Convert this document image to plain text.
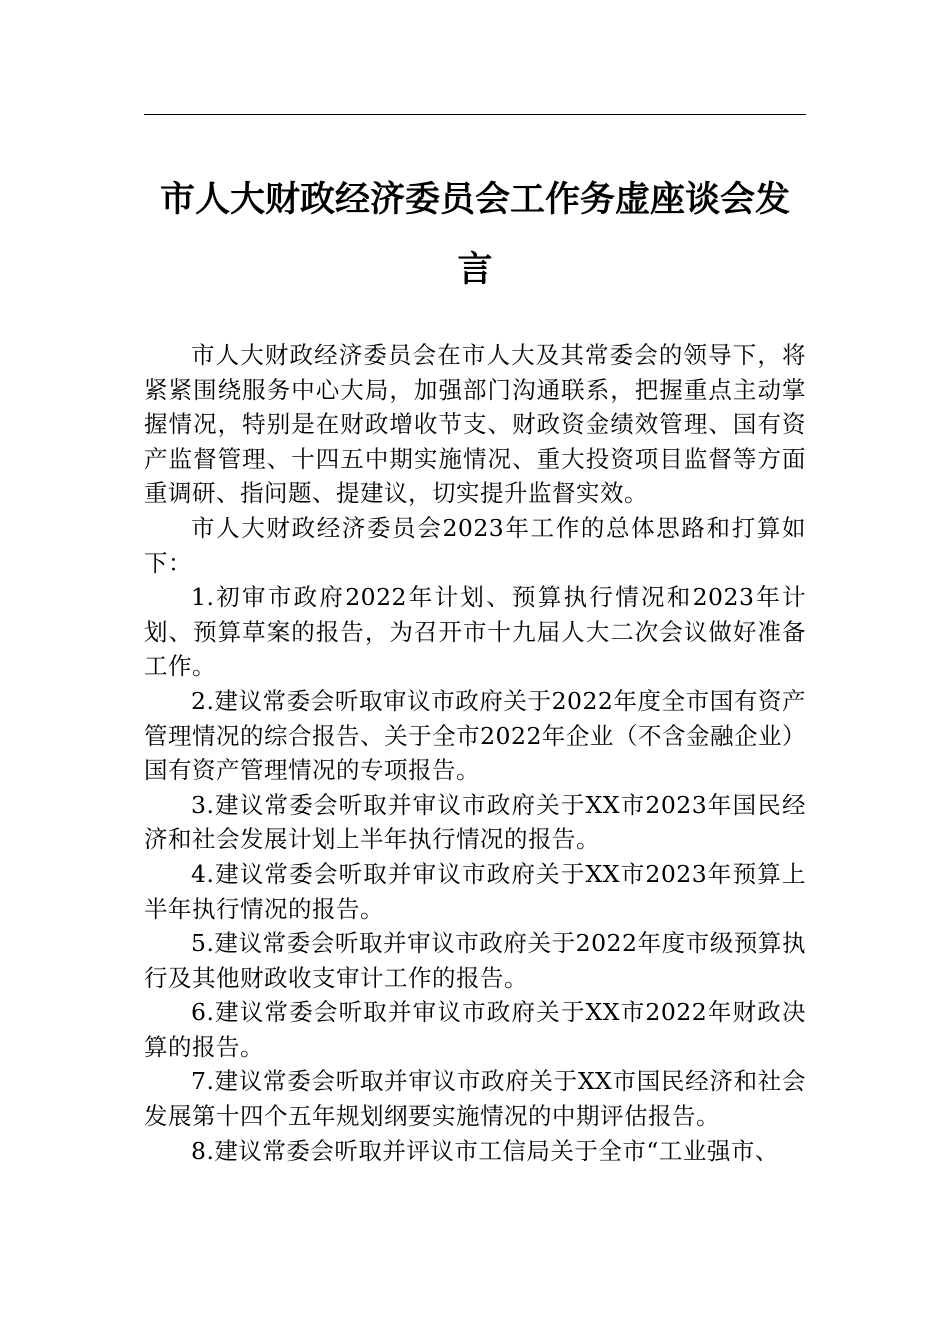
市人大财政经济委员会工作务虚座谈会发言

市人大财政经济委员会在市人大及其常委会的领导下，将紧紧围绕服务中心大局，加强部门沟通联系，把握重点主动掌握情况，特别是在财政增收节支、财政资金绩效管理、国有资产监督管理、十四五中期实施情况、重大投资项目监督等方面重调研、指问题、提建议，切实提升监督实效。

市人大财政经济委员会2023年工作的总体思路和打算如下：

1.初审市政府2022年计划、预算执行情况和2023年计划、预算草案的报告，为召开市十九届人大二次会议做好准备工作。

2.建议常委会听取审议市政府关于2022年度全市国有资产管理情况的综合报告、关于全市2022年企业（不含金融企业）国有资产管理情况的专项报告。

3.建议常委会听取并审议市政府关于XX市2023年国民经济和社会发展计划上半年执行情况的报告。

4.建议常委会听取并审议市政府关于XX市2023年预算上半年执行情况的报告。

5.建议常委会听取并审议市政府关于2022年度市级预算执行及其他财政收支审计工作的报告。

6.建议常委会听取并审议市政府关于XX市2022年财政决算的报告。

7.建议常委会听取并审议市政府关于XX市国民经济和社会发展第十四个五年规划纲要实施情况的中期评估报告。

8.建议常委会听取并评议市工信局关于全市“工业强市、
